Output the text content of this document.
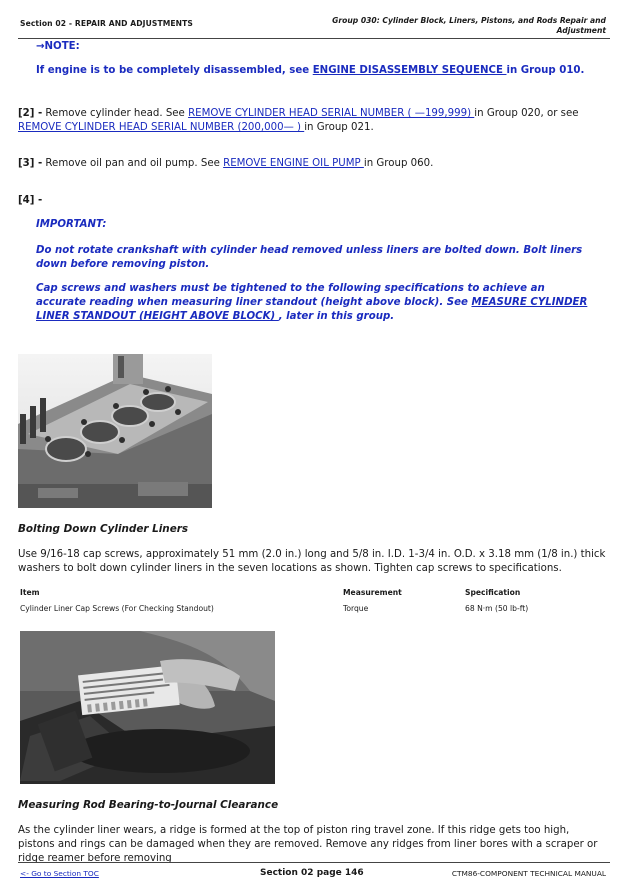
Section 02 - REPAIR AND ADJUSTMENTS	Group 030: Cylinder Block, Liners, Pistons, and Rods Repair and
Adjustment
→NOTE:
If engine is to be completely disassembled, see ENGINE DISASSEMBLY SEQUENCE in Group 010.
[2] - Remove cylinder head. See REMOVE CYLINDER HEAD SERIAL NUMBER ( —199,999) in Group 020, or see REMOVE CYLINDER HEAD SERIAL NUMBER (200,000— ) in Group 021.
[3] - Remove oil pan and oil pump. See REMOVE ENGINE OIL PUMP in Group 060.
[4] -
IMPORTANT:
Do not rotate crankshaft with cylinder head removed unless liners are bolted down. Bolt liners down before removing piston.
Cap screws and washers must be tightened to the following specifications to achieve an accurate reading when measuring liner standout (height above block). See MEASURE CYLINDER LINER STANDOUT (HEIGHT ABOVE BLOCK) , later in this group.
Bolting Down Cylinder Liners
Use 9/16-18 cap screws, approximately 51 mm (2.0 in.) long and 5/8 in. I.D. 1-3/4 in. O.D. x 3.18 mm (1/8 in.) thick washers to bolt down cylinder liners in the seven locations as shown. Tighten cap screws to specifications.
Item	Measurement	Specification
Cylinder Liner Cap Screws (For Checking Standout)	Torque	68 N·m (50 lb-ft)
Measuring Rod Bearing-to-Journal Clearance
As the cylinder liner wears, a ridge is formed at the top of piston ring travel zone. If this ridge gets too high, pistons and rings can be damaged when they are removed. Remove any ridges from liner bores with a scraper or ridge reamer before removing
<- Go to Section TOC	Section 02 page 146	CTM86-COMPONENT TECHNICAL MANUAL
